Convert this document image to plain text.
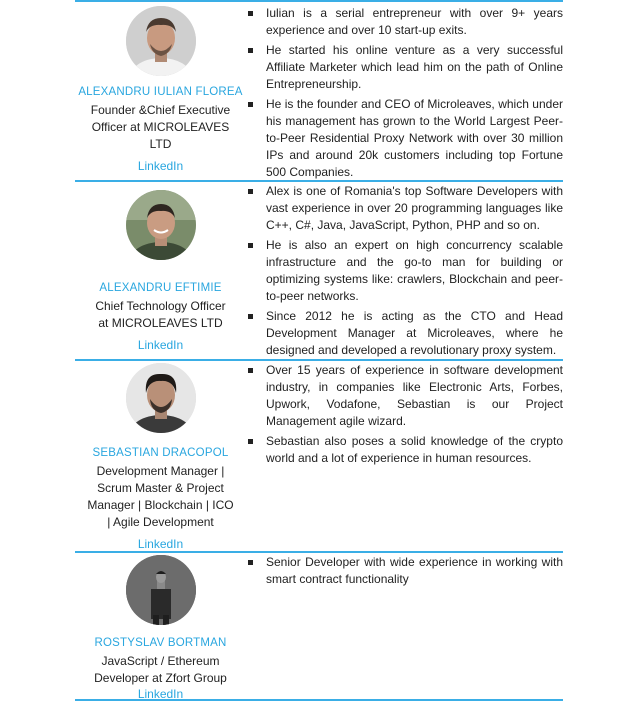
ALEXANDRU IULIAN FLOREA
Founder &Chief Executive Officer at MICROLEAVES LTD
LinkedIn
Iulian is a serial entrepreneur with over 9+ years experience and over 10 start-up exits.
He started his online venture as a very successful Affiliate Marketer which lead him on the path of Online Entrepreneurship.
He is the founder and CEO of Microleaves, which under his management has grown to the World Largest Peer-to-Peer Residential Proxy Network with over 30 million IPs and around 20k customers including top Fortune 500 Companies.
ALEXANDRU EFTIMIE
Chief Technology Officer at MICROLEAVES LTD
LinkedIn
Alex is one of Romania's top Software Developers with vast experience in over 20 programming languages like C++, C#, Java, JavaScript, Python, PHP and so on.
He is also an expert on high concurrency scalable infrastructure and the go-to man for building or optimizing systems like: crawlers, Blockchain and peer-to-peer networks.
Since 2012 he is acting as the CTO and Head Development Manager at Microleaves, where he designed and developed a revolutionary proxy system.
SEBASTIAN DRACOPOL
Development Manager | Scrum Master & Project Manager | Blockchain | ICO | Agile Development
LinkedIn
Over 15 years of experience in software development industry, in companies like Electronic Arts, Forbes, Upwork, Vodafone, Sebastian is our Project Management agile wizard.
Sebastian also poses a solid knowledge of the crypto world and a lot of experience in human resources.
ROSTYSLAV BORTMAN
JavaScript / Ethereum Developer at Zfort Group
LinkedIn
Senior Developer with wide experience in working with smart contract functionality
